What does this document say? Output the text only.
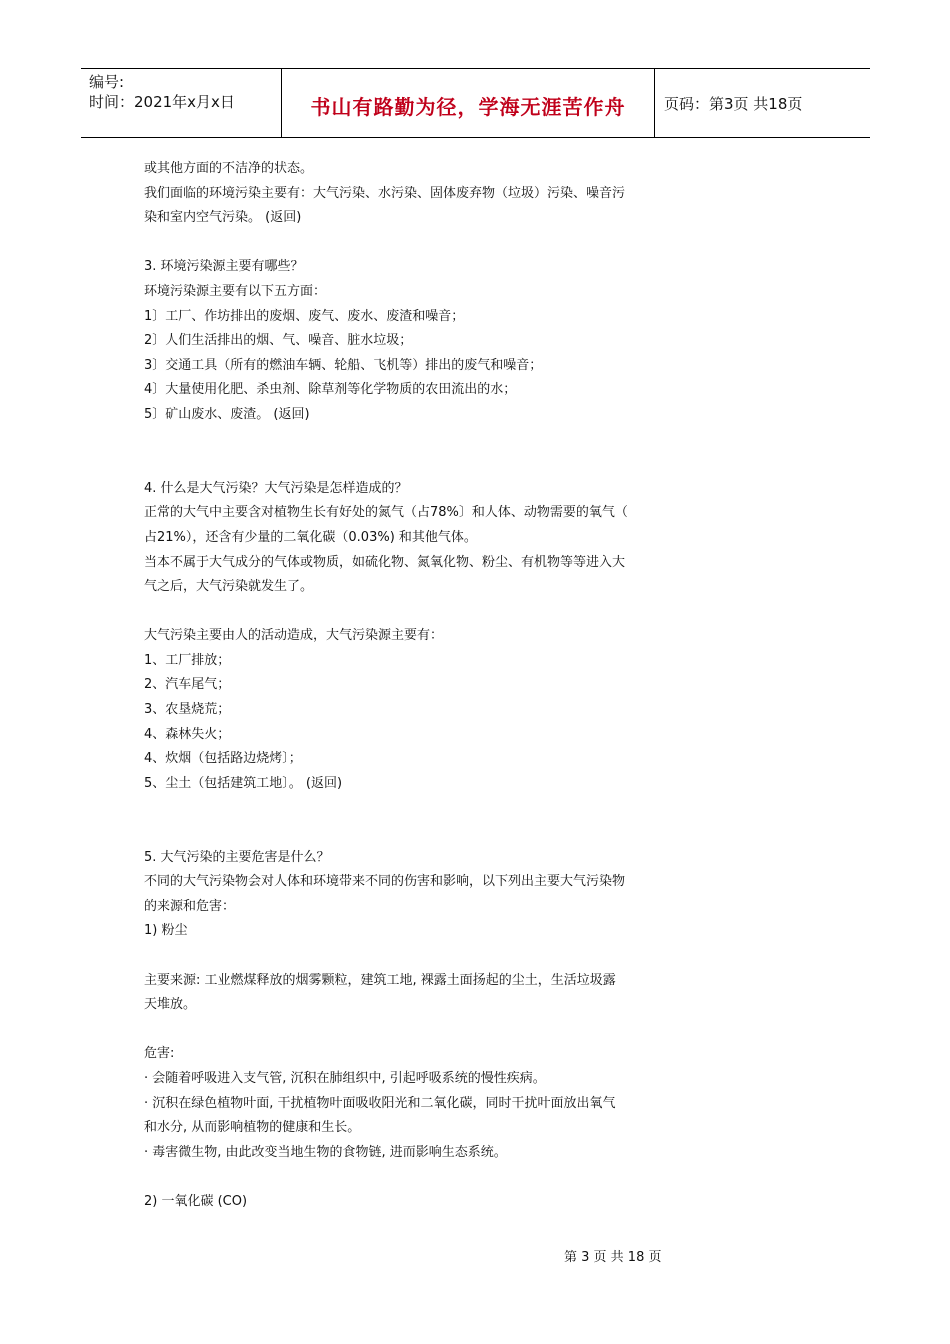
编号:
时间：2021年x月x日	书山有路勤为径，学海无涯苦作舟	页码：第3页 共18页
或其他方面的不洁净的状态。
我们面临的环境污染主要有：大气污染、水污染、固体废弃物（垃圾）污染、噪音污
染和室内空气污染。 (返回)
3. 环境污染源主要有哪些？
环境污染源主要有以下五方面：
1〕工厂、作坊排出的废烟、废气、废水、废渣和噪音；
2〕人们生活排出的烟、气、噪音、脏水垃圾；
3〕交通工具（所有的燃油车辆、轮船、飞机等）排出的废气和噪音；
4〕大量使用化肥、杀虫剂、除草剂等化学物质的农田流出的水；
5〕矿山废水、废渣。 (返回)
4. 什么是大气污染？大气污染是怎样造成的？
正常的大气中主要含对植物生长有好处的氮气（占78%〕和人体、动物需要的氧气（
占21%），还含有少量的二氧化碳（0.03%) 和其他气体。
当本不属于大气成分的气体或物质，如硫化物、氮氧化物、粉尘、有机物等等进入大
气之后，大气污染就发生了。
大气污染主要由人的活动造成，大气污染源主要有：
1、工厂排放；
2、汽车尾气；
3、农垦烧荒；
4、森林失火；
4、炊烟（包括路边烧烤〕；
5、尘土（包括建筑工地〕。 (返回)
5. 大气污染的主要危害是什么？
不同的大气污染物会对人体和环境带来不同的伤害和影响，以下列出主要大气污染物
的来源和危害：
1) 粉尘
主要来源: 工业燃煤释放的烟雾颗粒，建筑工地, 裸露土面扬起的尘土，生活垃圾露
天堆放。
危害:
· 会随着呼吸进入支气管, 沉积在肺组织中, 引起呼吸系统的慢性疾病。
· 沉积在绿色植物叶面, 干扰植物叶面吸收阳光和二氧化碳，同时干扰叶面放出氧气
和水分, 从而影响植物的健康和生长。
· 毒害微生物, 由此改变当地生物的食物链, 进而影响生态系统。
2) 一氧化碳 (CO)
第 3 页 共 18 页
